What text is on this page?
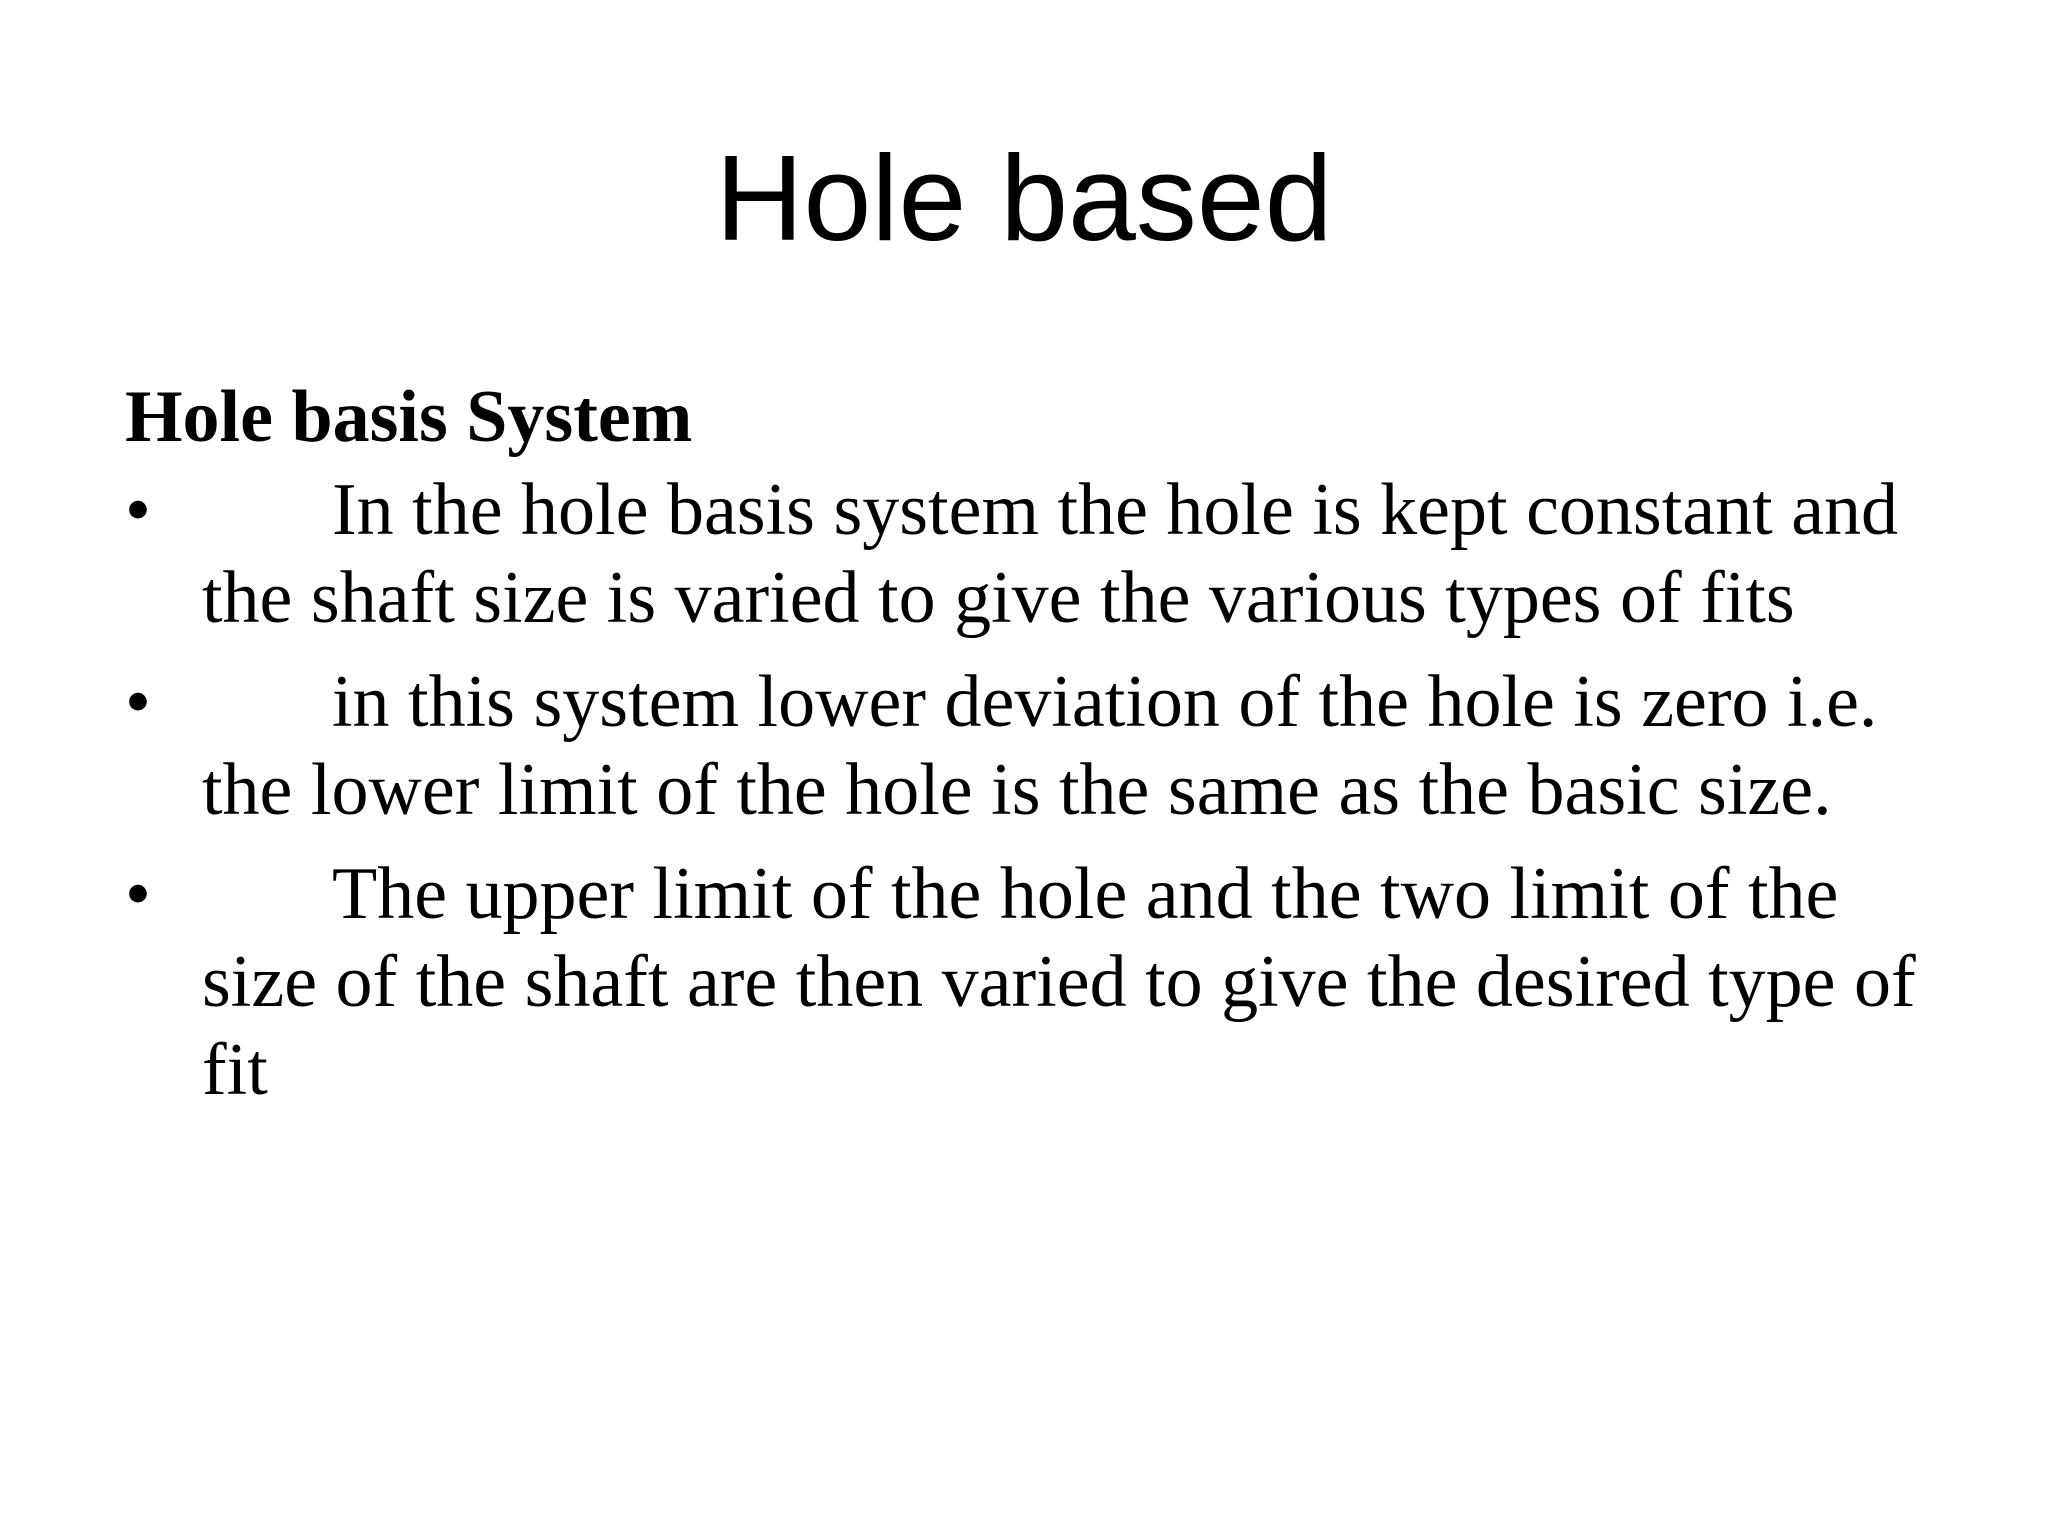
Hole based
Hole basis System
•	In the hole basis system the hole is kept constant and the shaft size is varied to give the various types of fits
•	in this system lower deviation of the hole is zero i.e. the lower limit of the hole is the same as the basic size.
•	The upper limit of the hole and the two limit of the size of the shaft are then varied to give the desired type of fit
